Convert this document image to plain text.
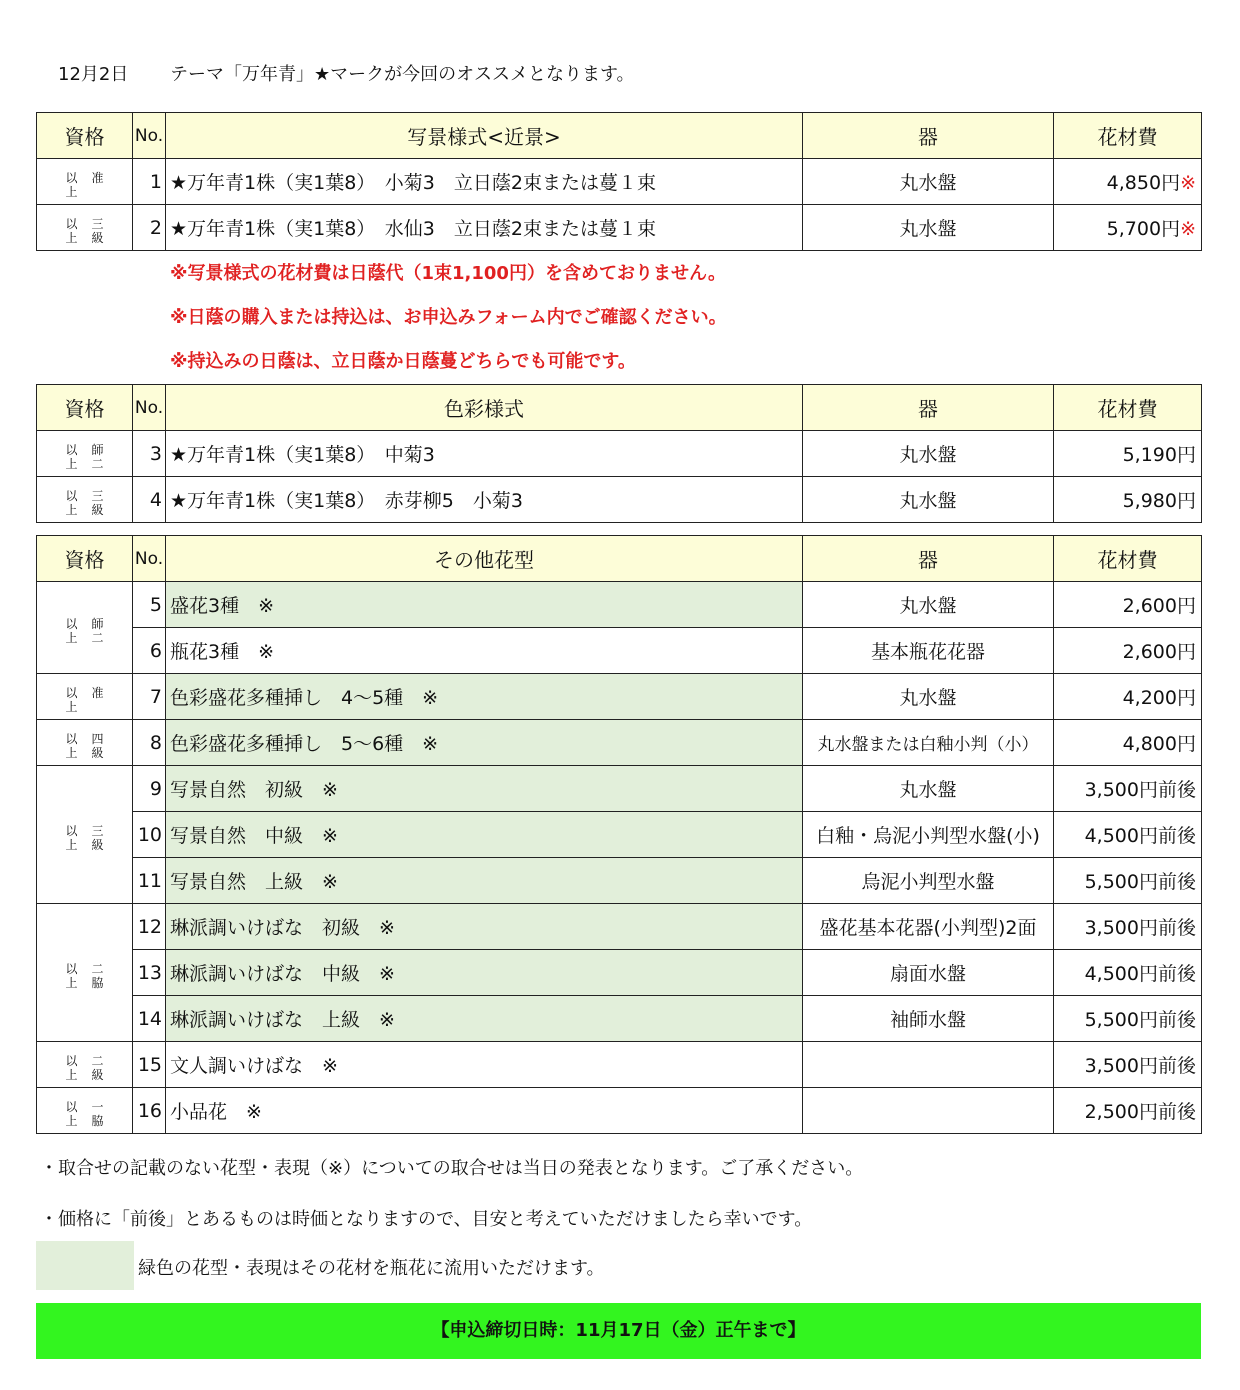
12月2日 テーマ「万年青」★マークが今回のオススメとなります。
資格	No.	写景様式<近景>	器	花材費

以 准
上	1	★万年青1株（実1葉8）　小菊3　立日蔭2束または蔓１束	丸水盤	4,850円※

以 三
上 級	2	★万年青1株（実1葉8）　水仙3　立日蔭2束または蔓１束	丸水盤	5,700円※
※写景様式の花材費は日蔭代（1束1,100円）を含めておりません。
※日蔭の購入または持込は、お申込みフォーム内でご確認ください。
※持込みの日蔭は、立日蔭か日蔭蔓どちらでも可能です。
資格	No.	色彩様式	器	花材費

以 師
上 二	3	★万年青1株（実1葉8）　中菊3	丸水盤	5,190円

以 三
上 級	4	★万年青1株（実1葉8）　赤芽柳5　小菊3	丸水盤	5,980円
資格	No.	その他花型	器	花材費

以 師
上 二	5	盛花3種　※	丸水盤	2,600円
	6	瓶花3種　※	基本瓶花花器	2,600円

以 准
上	7	色彩盛花多種挿し　4～5種　※	丸水盤	4,200円

以 四
上 級	8	色彩盛花多種挿し　5～6種　※	丸水盤または白釉小判（小）	4,800円

以 三
上 級	9	写景自然　初級　※	丸水盤	3,500円前後
	10	写景自然　中級　※	白釉・烏泥小判型水盤(小)	4,500円前後
	11	写景自然　上級　※	烏泥小判型水盤	5,500円前後

以 二
上 脇	12	琳派調いけばな　初級　※	盛花基本花器(小判型)2面	3,500円前後
	13	琳派調いけばな　中級　※	扇面水盤	4,500円前後
	14	琳派調いけばな　上級　※	袖師水盤	5,500円前後

以 二
上 級	15	文人調いけばな　※		3,500円前後

以 一
上 脇	16	小品花　※		2,500円前後
・取合せの記載のない花型・表現（※）についての取合せは当日の発表となります。ご了承ください。
・価格に「前後」とあるものは時価となりますので、目安と考えていただけましたら幸いです。
緑色の花型・表現はその花材を瓶花に流用いただけます。
【申込締切日時：11月17日（金）正午まで】
